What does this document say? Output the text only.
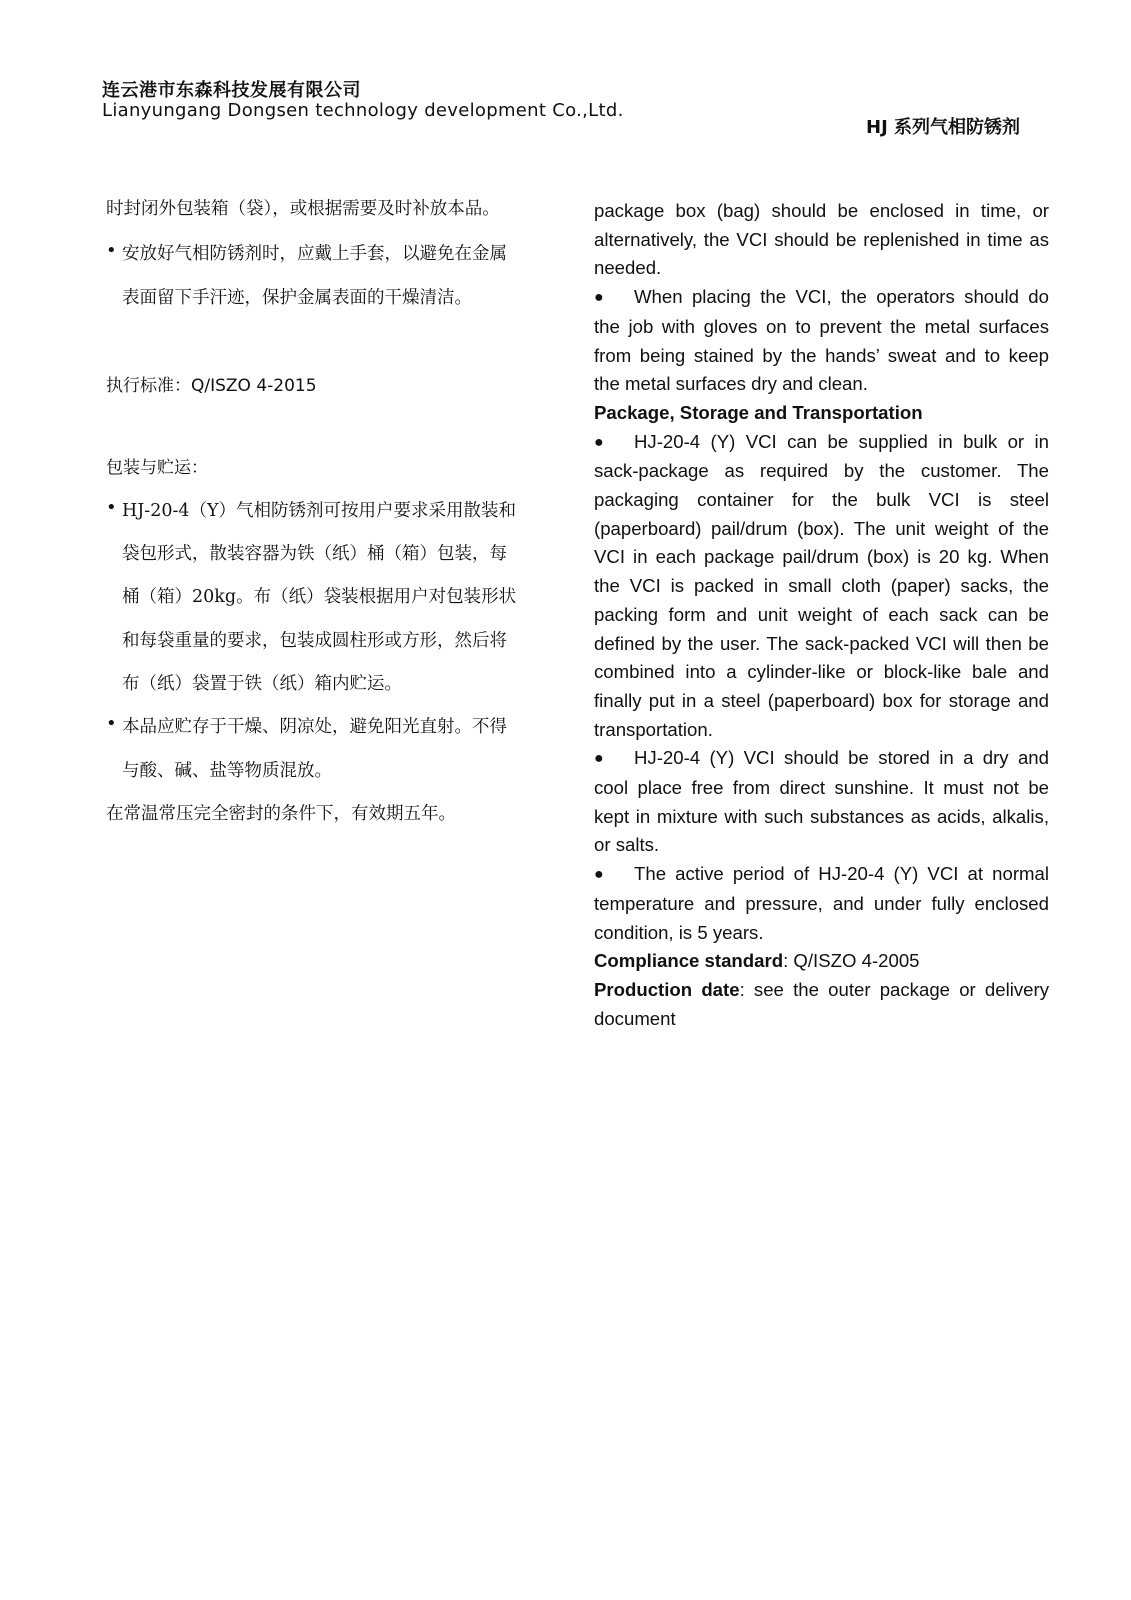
连云港市东森科技发展有限公司
Lianyungang Dongsen technology development Co.,Ltd.
HJ 系列气相防锈剂
时封闭外包装箱（袋），或根据需要及时补放本品。
• 安放好气相防锈剂时，应戴上手套，以避免在金属
表面留下手汗迹，保护金属表面的干燥清洁。
执行标准：Q/ISZO 4-2015
包装与贮运：
• HJ-20-4（Y）气相防锈剂可按用户要求采用散装和
袋包形式，散装容器为铁（纸）桶（箱）包装，每
桶（箱）20kg。布（纸）袋装根据用户对包装形状
和每袋重量的要求，包装成圆柱形或方形，然后将
布（纸）袋置于铁（纸）箱内贮运。
• 本品应贮存于干燥、阴凉处，避免阳光直射。不得
与酸、碱、盐等物质混放。
在常温常压完全密封的条件下，有效期五年。

package box (bag) should be enclosed in time, or alternatively, the VCI should be replenished in time as needed.

● When placing the VCI, the operators should do the job with gloves on to prevent the metal surfaces from being stained by the hands’ sweat and to keep the metal surfaces dry and clean.

Package, Storage and Transportation

● HJ-20-4 (Y) VCI can be supplied in bulk or in sack-package as required by the customer. The packaging container for the bulk VCI is steel (paperboard) pail/drum (box). The unit weight of the VCI in each package pail/drum (box) is 20 kg. When the VCI is packed in small cloth (paper) sacks, the packing form and unit weight of each sack can be defined by the user. The sack-packed VCI will then be combined into a cylinder-like or block-like bale and finally put in a steel (paperboard) box for storage and transportation.

● HJ-20-4 (Y) VCI should be stored in a dry and cool place free from direct sunshine. It must not be kept in mixture with such substances as acids, alkalis, or salts.

● The active period of HJ-20-4 (Y) VCI at normal temperature and pressure, and under fully enclosed condition, is 5 years.

Compliance standard: Q/ISZO 4-2005

Production date: see the outer package or delivery document
